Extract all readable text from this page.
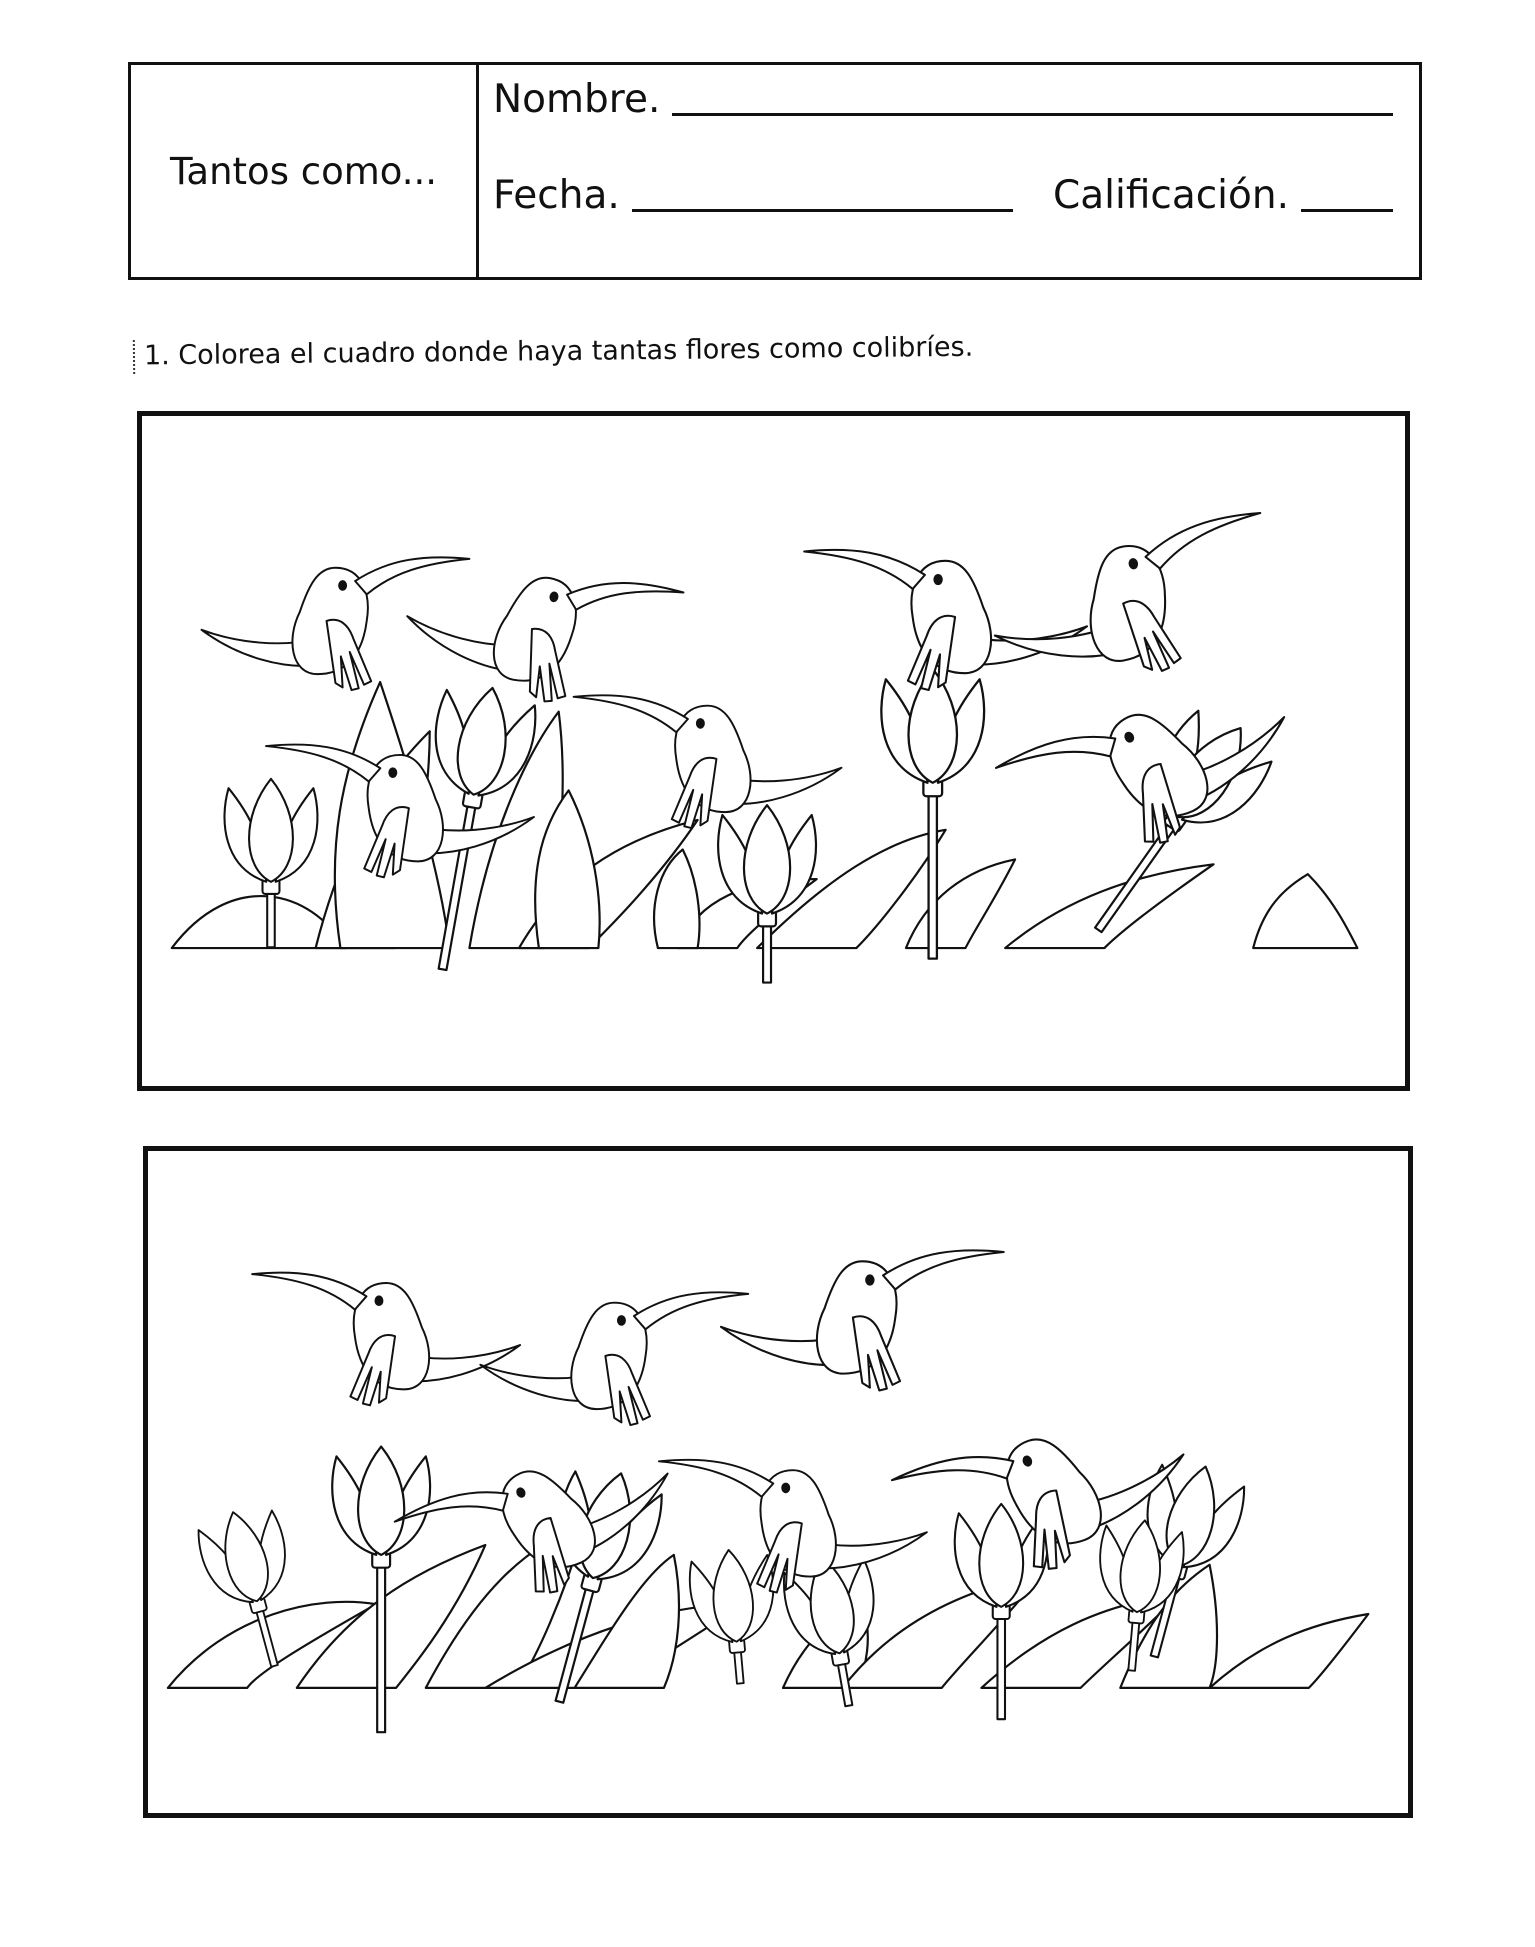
Tantos como...
Nombre.
Fecha.	Calificación.
1. Colorea el cuadro donde haya tantas flores como colibríes.
